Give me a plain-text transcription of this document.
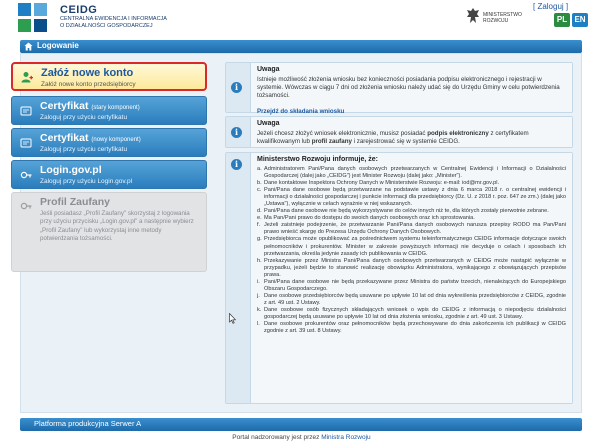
CEIDG
CENTRALNA EWIDENCJA I INFORMACJA
O DZIAŁALNOŚCI GOSPODARCZEJ
MINISTERSTWO
ROZWOJU
[ Zaloguj ]
PL EN
Logowanie
Załóż nowe konto
Załóż nowe konto przedsiębiorcy
Certyfikat (stary komponent)
Zaloguj przy użyciu certyfikatu
Certyfikat (nowy komponent)
Zaloguj przy użyciu certyfikatu
Login.gov.pl
Zaloguj przy użyciu Login.gov.pl
Profil Zaufany
Jeśli posiadasz „Profil Zaufany" skorzystaj z logowania przy użyciu przycisku „Login.gov.pl" a następnie wybierz „Profil Zaufany" lub wykorzystaj inne metody potwierdzania tożsamości.
i
Uwaga
Istnieje możliwość złożenia wniosku bez konieczności posiadania podpisu elektronicznego i rejestracji w systemie. Wówczas w ciągu 7 dni od złożenia wniosku należy udać się do Urzędu Gminy w celu potwierdzenia tożsamości.
Przejdź do składania wniosku
i
Uwaga
Jeżeli chcesz złożyć wniosek elektronicznie, musisz posiadać podpis elektroniczny z certyfikatem kwalifikowanym lub profil zaufany i zarejestrować się w systemie CEIDG.
i	Ministerstwo Rozwoju informuje, że:
a. Administratorem Pani/Pana danych osobowych przetwarzanych w Centralnej Ewidencji i Informacji o Działalności Gospodarczej (dalej jako „CEIDG") jest Minister Rozwoju (dalej jako: „Minister").
b. Dane kontaktowe Inspektora Ochrony Danych w Ministerstwie Rozwoju: e-mail: iod@mr.gov.pl.
c. Pani/Pana dane osobowe będą przetwarzane na podstawie ustawy z dnia 6 marca 2018 r. o centralnej ewidencji i informacji o działalności gospodarczej i punkcie informacji dla przedsiębiorcy (Dz. U. z 2018 r. poz. 647 ze zm.) (dalej jako „Ustawa"), wyłącznie w celach wyrażnie w niej wskazanych.
d. Pani/Pana dane osobowe nie będą wykorzystywane do celów innych niż te, dla których zostały pierwotnie zebrane.
e. Ma Pan/Pani prawo do dostępu do swoich danych osobowych oraz ich sprostowania.
f. Jeżeli zaistnieje podejrzenie, że przetwarzanie Pani/Pana danych osobowych narusza przepisy RODO ma Pan/Pani prawo wnieść skargę do Prezesa Urzędu Ochrony Danych Osobowych.
g. Przedsiębiorca może opublikować za pośrednictwem systemu teleinformatycznego CEIDG informacje dotyczące swoich pełnomocników i prokurentów. Minister w zakresie powyższych informacji nie decyduje o celach i sposobach ich przetwarzania, określa jedynie zasady ich publikowania w CEIDG.
h. Przekazywanie przez Ministra Pani/Pana danych osobowych przetwarzanych w CEIDG może nastąpić wyłącznie w przypadku, jeżeli będzie to stanowić realizację obowiązku Administratora, wynikającego z obowiązujących przepisów prawa.
i. Pani/Pana dane osobowe nie będą przekazywane przez Ministra do państw trzecich, nienależących do Europejskiego Obszaru Gospodarczego.
j. Dane osobowe przedsiębiorców będą usuwane po upływie 10 lat od dnia wykreślenia przedsiębiorców z CEIDG, zgodnie z art. 49 ust. 2 Ustawy.
k. Dane osobowe osób fizycznych składających wniosek o wpis do CEIDG z informacją o niepodjęciu działalności gospodarczej będą usuwane po upływie 10 lat od dnia złożenia wniosku, zgodnie z art. 49 ust. 3 Ustawy.
l. Dane osobowe prokurentów oraz pełnomocników będą przechowywane do dnia zakończenia ich publikacji w CEIDG zgodnie z art. 39 ust. 8 Ustawy.
Platforma produkcyjna Serwer A
Portal nadzorowany jest przez Ministra Rozwoju
